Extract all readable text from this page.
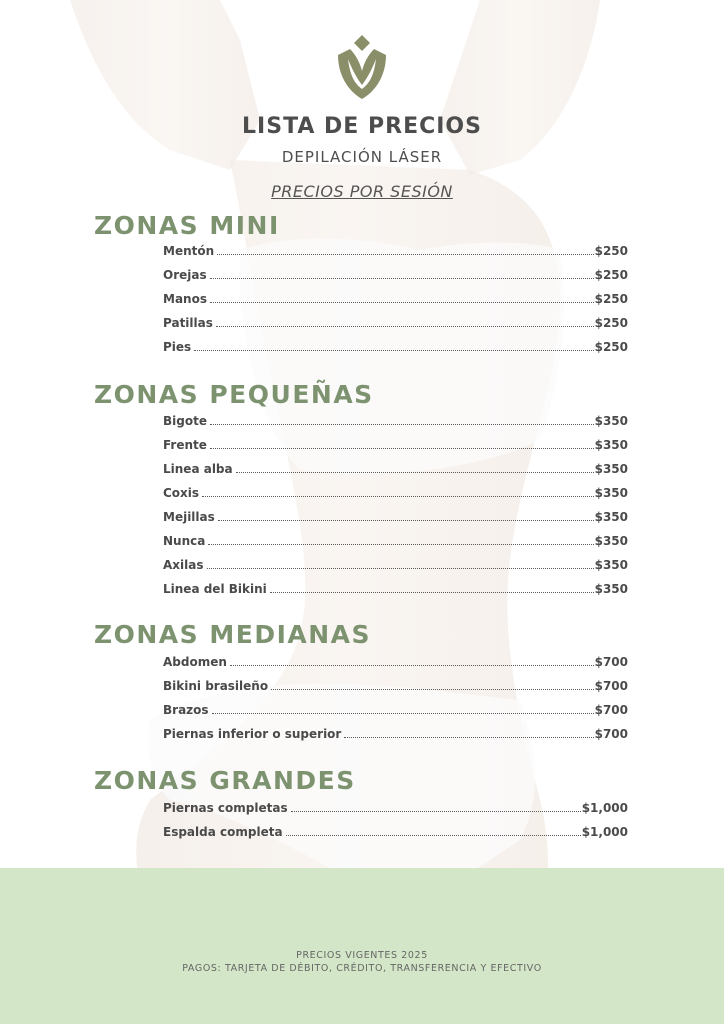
LISTA DE PRECIOS
DEPILACIÓN LÁSER
PRECIOS POR SESIÓN
ZONAS MINI
Mentón	$250
Orejas	$250
Manos	$250
Patillas	$250
Pies	$250
ZONAS PEQUEÑAS
Bigote	$350
Frente	$350
Linea alba	$350
Coxis	$350
Mejillas	$350
Nunca	$350
Axilas	$350
Linea del Bikini	$350
ZONAS MEDIANAS
Abdomen	$700
Bikini brasileño	$700
Brazos	$700
Piernas inferior o superior	$700
ZONAS GRANDES
Piernas completas	$1,000
Espalda completa	$1,000
PRECIOS VIGENTES 2025
PAGOS: TARJETA DE DÉBITO, CRÉDITO, TRANSFERENCIA Y EFECTIVO
